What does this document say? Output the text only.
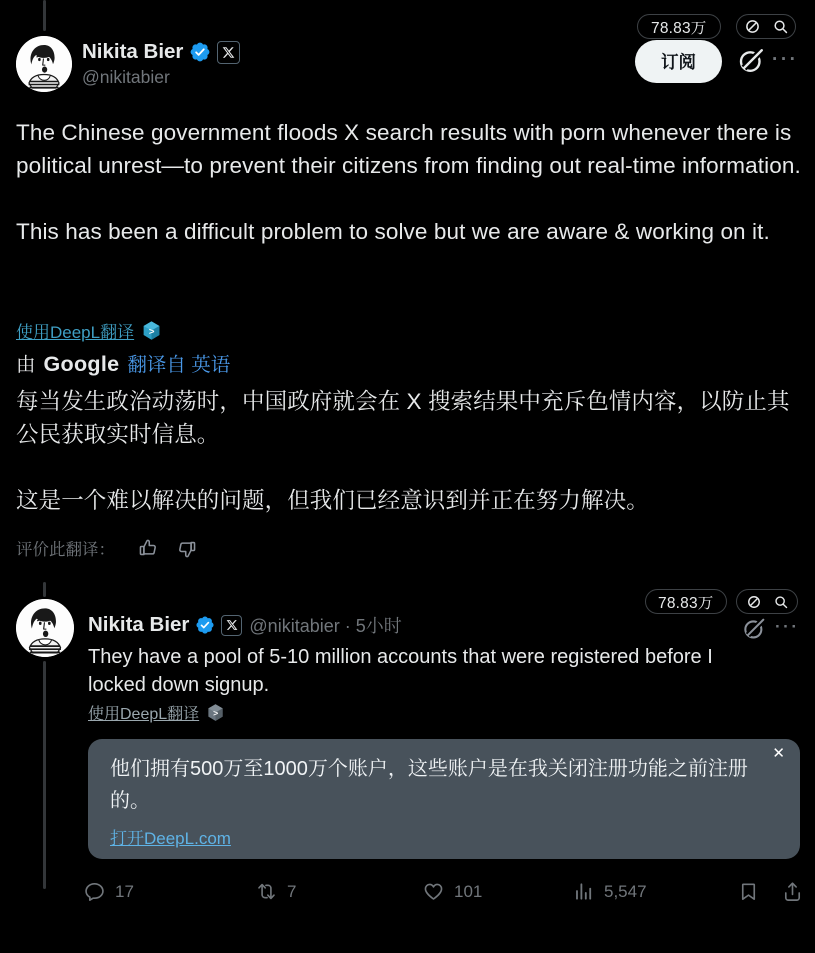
Nikita Bier
@nikitabier
78.83万
订阅	···

The Chinese government floods X search results with porn whenever there is political unrest—to prevent their citizens from finding out real-time information.

This has been a difficult problem to solve but we are aware & working on it.

使用DeepL翻译 >
由 Google 翻译自 英语

每当发生政治动荡时，中国政府就会在 X 搜索结果中充斥色情内容，以防止其公民获取实时信息。

这是一个难以解决的问题，但我们已经意识到并正在努力解决。

评价此翻译：
Nikita Bier	@nikitabier · 5小时
78.83万
···
They have a pool of 5-10 million accounts that were registered before I locked down signup.
使用DeepL翻译 >
✕
他们拥有500万至1000万个账户，这些账户是在我关闭注册功能之前注册的。
打开DeepL.com
17	7	101	5,547
